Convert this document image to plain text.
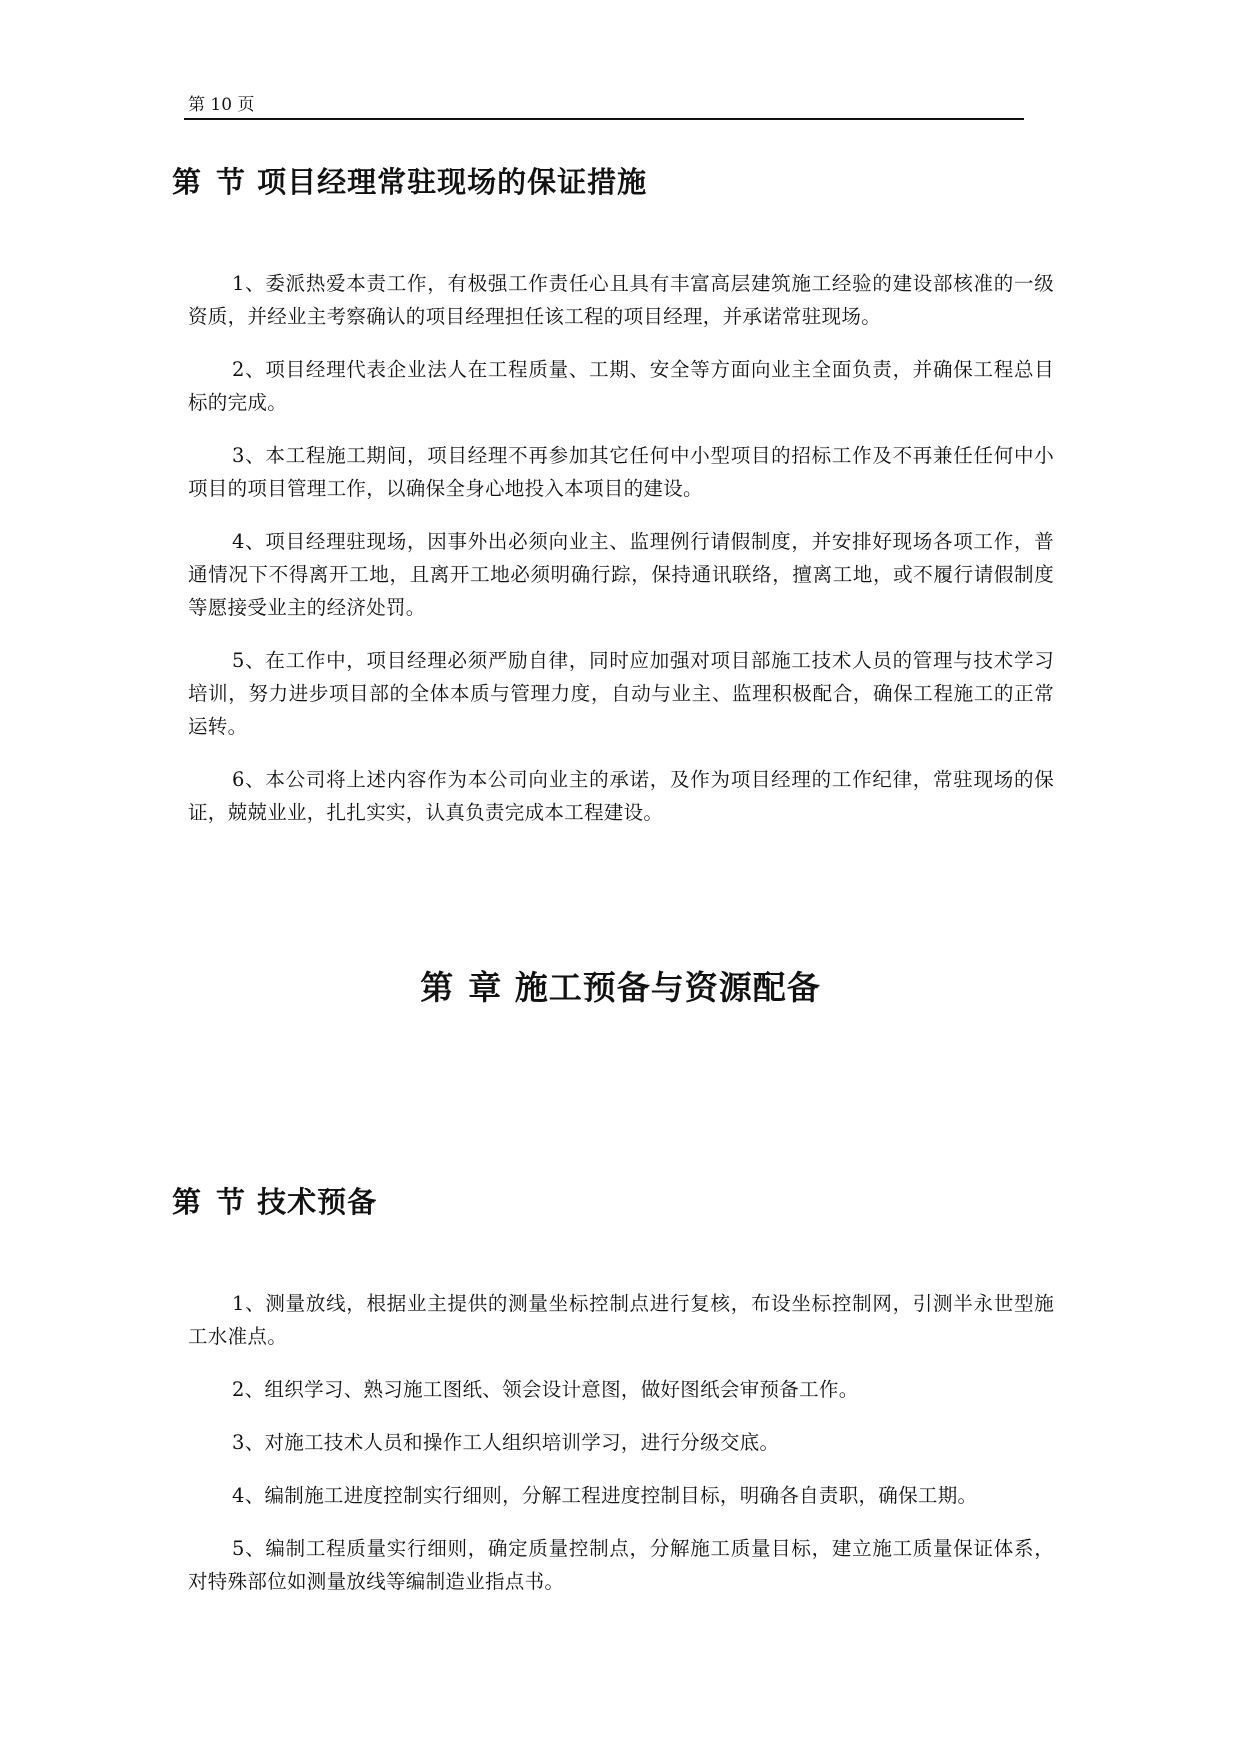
第 10 页
第 节 项目经理常驻现场的保证措施

1、委派热爱本责工作，有极强工作责任心且具有丰富高层建筑施工经验的建设部核准的一级资质，并经业主考察确认的项目经理担任该工程的项目经理，并承诺常驻现场。

2、项目经理代表企业法人在工程质量、工期、安全等方面向业主全面负责，并确保工程总目标的完成。

3、本工程施工期间，项目经理不再参加其它任何中小型项目的招标工作及不再兼任任何中小项目的项目管理工作，以确保全身心地投入本项目的建设。

4、项目经理驻现场，因事外出必须向业主、监理例行请假制度，并安排好现场各项工作，普通情况下不得离开工地，且离开工地必须明确行踪，保持通讯联络，擅离工地，或不履行请假制度等愿接受业主的经济处罚。

5、在工作中，项目经理必须严励自律，同时应加强对项目部施工技术人员的管理与技术学习培训，努力进步项目部的全体本质与管理力度，自动与业主、监理积极配合，确保工程施工的正常运转。

6、本公司将上述内容作为本公司向业主的承诺，及作为项目经理的工作纪律，常驻现场的保证，兢兢业业，扎扎实实，认真负责完成本工程建设。

第 章 施工预备与资源配备
第 节 技术预备

1、测量放线，根据业主提供的测量坐标控制点进行复核，布设坐标控制网，引测半永世型施工水准点。

2、组织学习、熟习施工图纸、领会设计意图，做好图纸会审预备工作。

3、对施工技术人员和操作工人组织培训学习，进行分级交底。

4、编制施工进度控制实行细则，分解工程进度控制目标，明确各自责职，确保工期。

5、编制工程质量实行细则，确定质量控制点，分解施工质量目标，建立施工质量保证体系，对特殊部位如测量放线等编制造业指点书。
